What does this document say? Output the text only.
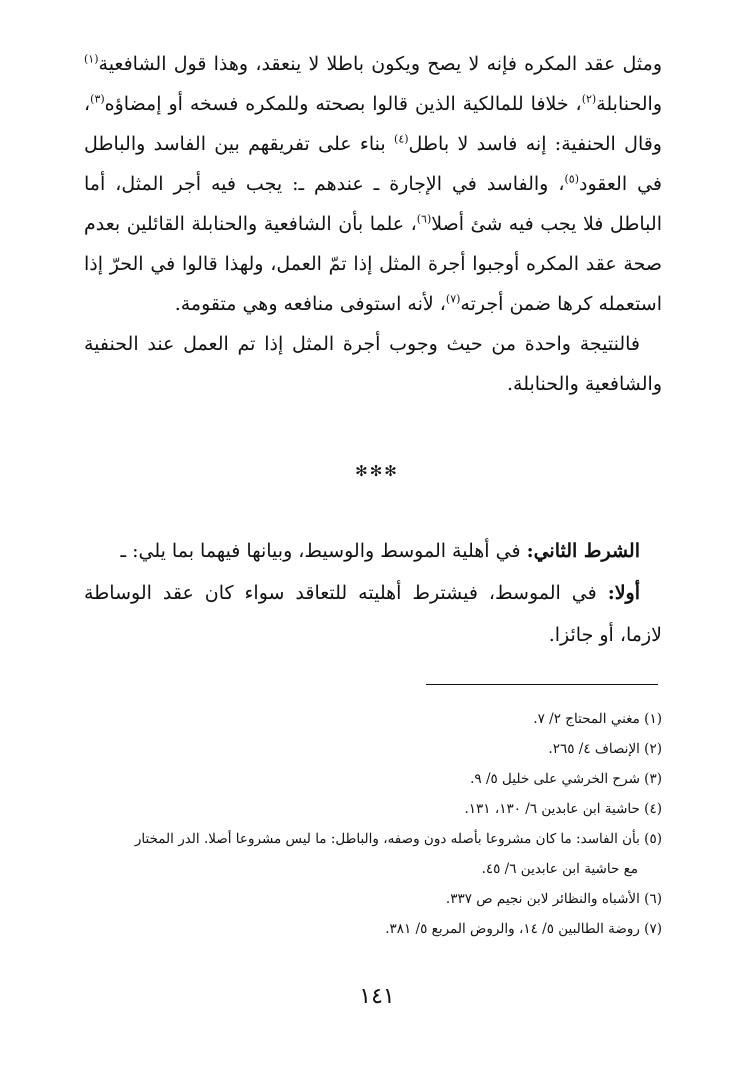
ومثل عقد المكره فإنه لا يصح ويكون باطلا لا ينعقد، وهذا قول الشافعية$^{(١)}$ والحنابلة$^{(٢)}$، خلافا للمالكية الذين قالوا بصحته وللمكره فسخه أو إمضاؤه$^{(٣)}$، وقال الحنفية: إنه فاسد لا باطل$^{(٤)}$ بناء على تفريقهم بين الفاسد والباطل في العقود$^{(٥)}$، والفاسد في الإجارة ـ عندهم ـ: يجب فيه أجر المثل، أما الباطل فلا يجب فيه شئ أصلا$^{(٦)}$، علما بأن الشافعية والحنابلة القائلين بعدم صحة عقد المكره أوجبوا أجرة المثل إذا تمّ العمل، ولهذا قالوا في الحرّ إذا استعمله كرها ضمن أجرته$^{(٧)}$، لأنه استوفى منافعه وهي متقومة.

فالنتيجة واحدة من حيث وجوب أجرة المثل إذا تم العمل عند الحنفية والشافعية والحنابلة.

✻✻✻

الشرط الثاني: في أهلية الموسط والوسيط، وبيانها فيهما بما يلي: ـ

أولا: في الموسط، فيشترط أهليته للتعاقد سواء كان عقد الوساطة لازما، أو جائزا.

(١) مغني المحتاج ٢/ ٧.

(٢) الإنصاف ٤/ ٢٦٥.

(٣) شرح الخرشي على خليل ٥/ ٩.

(٤) حاشية ابن عابدين ٦/ ١٣٠، ١٣١.

(٥) بأن الفاسد: ما كان مشروعا بأصله دون وصفه، والباطل: ما ليس مشروعا أصلا. الدر المختار

مع حاشية ابن عابدين ٦/ ٤٥.

(٦) الأشباه والنظائر لابن نجيم ص ٣٣٧.

(٧) روضة الطالبين ٥/ ١٤، والروض المربع ٥/ ٣٨١.

١٤١
